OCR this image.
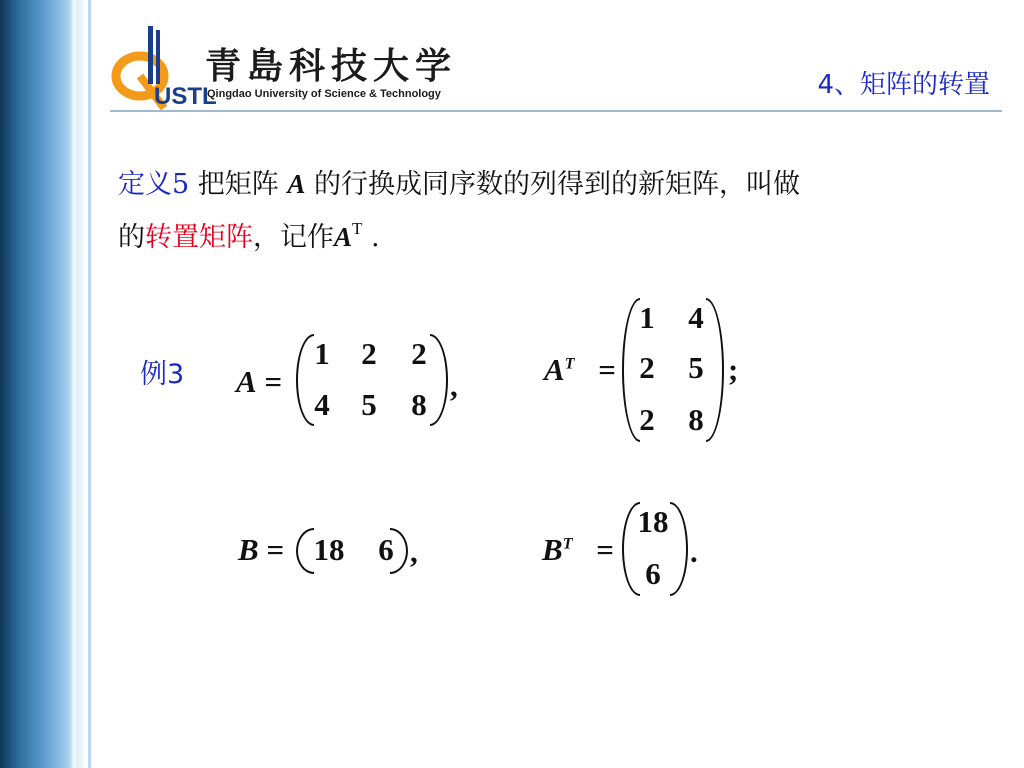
USTL
青島科技大学
Qingdao University of Science & Technology	4、矩阵的转置
定义5 把矩阵 A 的行换成同序数的列得到的新矩阵，叫做
的转置矩阵，记作$A^T$ .
例3 A =
1	2	2
4	5	8
,	$A^T$ =
1	4
2	5
2	8
;
B = 18	6 ,	$B^T$ =
18
6
.
